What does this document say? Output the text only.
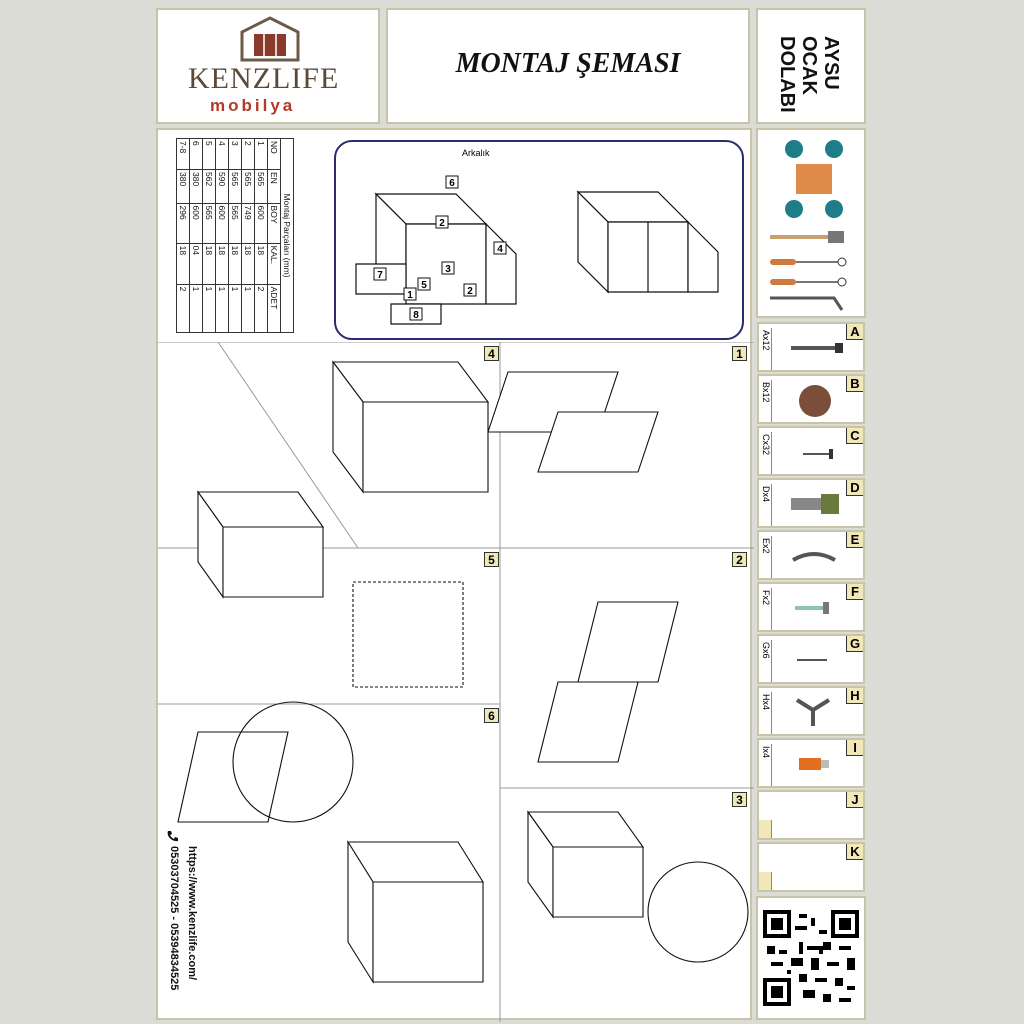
KENZLIFE
mobilya
MONTAJ ŞEMASI	AYSU
OCAK
DOLABI
Montaj Parçaları (mm)				
NO	EN	BOY	KAL.	ADET
1	565	600	18	2
2	565	749	18	1
3	565	565	18	1
4	590	600	18	1
5	562	565	18	1
6	380	600	04	1
7-8	380	296	18	2
Arkalık
6
2
4
7
3
5
1	2
8
1
2
3
4
5
6
05303704525 - 05394834525 https://www.kenzlife.com/
A
Ax12
B
Bx12
C
Cx32
D
Dx4
E
Ex2
F
Fx2
G
Gx6
H
Hx4
I
Ix4
J
K
